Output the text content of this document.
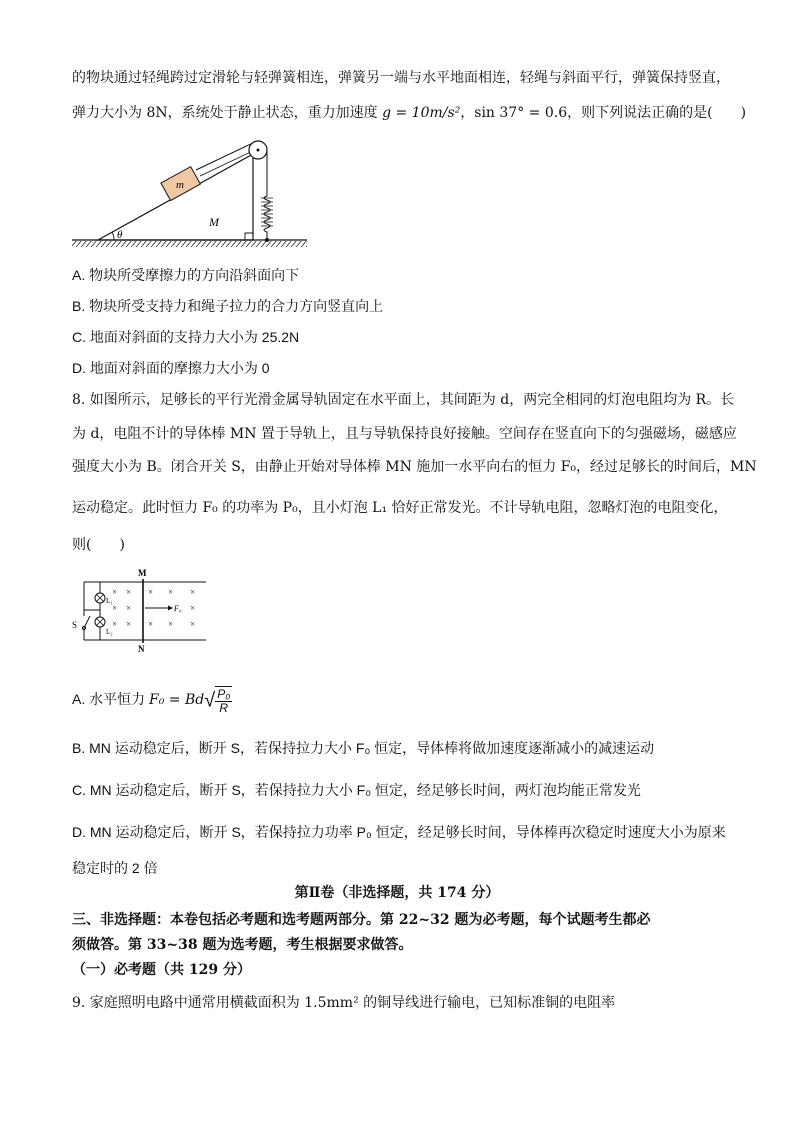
的物块通过轻绳跨过定滑轮与轻弹簧相连，弹簧另一端与水平地面相连，轻绳与斜面平行，弹簧保持竖直，
弹力大小为 8N，系统处于静止状态，重力加速度 g = 10m/s²，sin 37° = 0.6，则下列说法正确的是(　　)
θ
m
M
A. 物块所受摩擦力的方向沿斜面向下
B. 物块所受支持力和绳子拉力的合力方向竖直向上
C. 地面对斜面的支持力大小为 25.2N
D. 地面对斜面的摩擦力大小为 0
8. 如图所示，足够长的平行光滑金属导轨固定在水平面上，其间距为 d，两完全相同的灯泡电阻均为 R。长
为 d，电阻不计的导体棒 MN 置于导轨上，且与导轨保持良好接触。空间存在竖直向下的匀强磁场，磁感应
强度大小为 B。闭合开关 S，由静止开始对导体棒 MN 施加一水平向右的恒力 F₀，经过足够长的时间后，MN
运动稳定。此时恒力 F₀ 的功率为 P₀，且小灯泡 L₁ 恰好正常发光。不计导轨电阻，忽略灯泡的电阻变化，
则(　　)
M
N
S
L₁
L₂
× ×
× ×
× ×
× × ×
×
× × ×
F₀
A. 水平恒力 $F_0 = Bd√ \frac{\text{P₀}}{R}$
B. MN 运动稳定后，断开 S，若保持拉力大小 F₀ 恒定，导体棒将做加速度逐渐减小的减速运动
C. MN 运动稳定后，断开 S，若保持拉力大小 F₀ 恒定，经足够长时间，两灯泡均能正常发光
D. MN 运动稳定后，断开 S，若保持拉力功率 P₀ 恒定，经足够长时间，导体棒再次稳定时速度大小为原来
稳定时的 2 倍
第Ⅱ卷（非选择题，共 174 分）
三、非选择题：本卷包括必考题和选考题两部分。第 22~32 题为必考题，每个试题考生都必
须做答。第 33~38 题为选考题，考生根据要求做答。
（一）必考题（共 129 分）
9. 家庭照明电路中通常用横截面积为 1.5mm² 的铜导线进行输电，已知标准铜的电阻率
